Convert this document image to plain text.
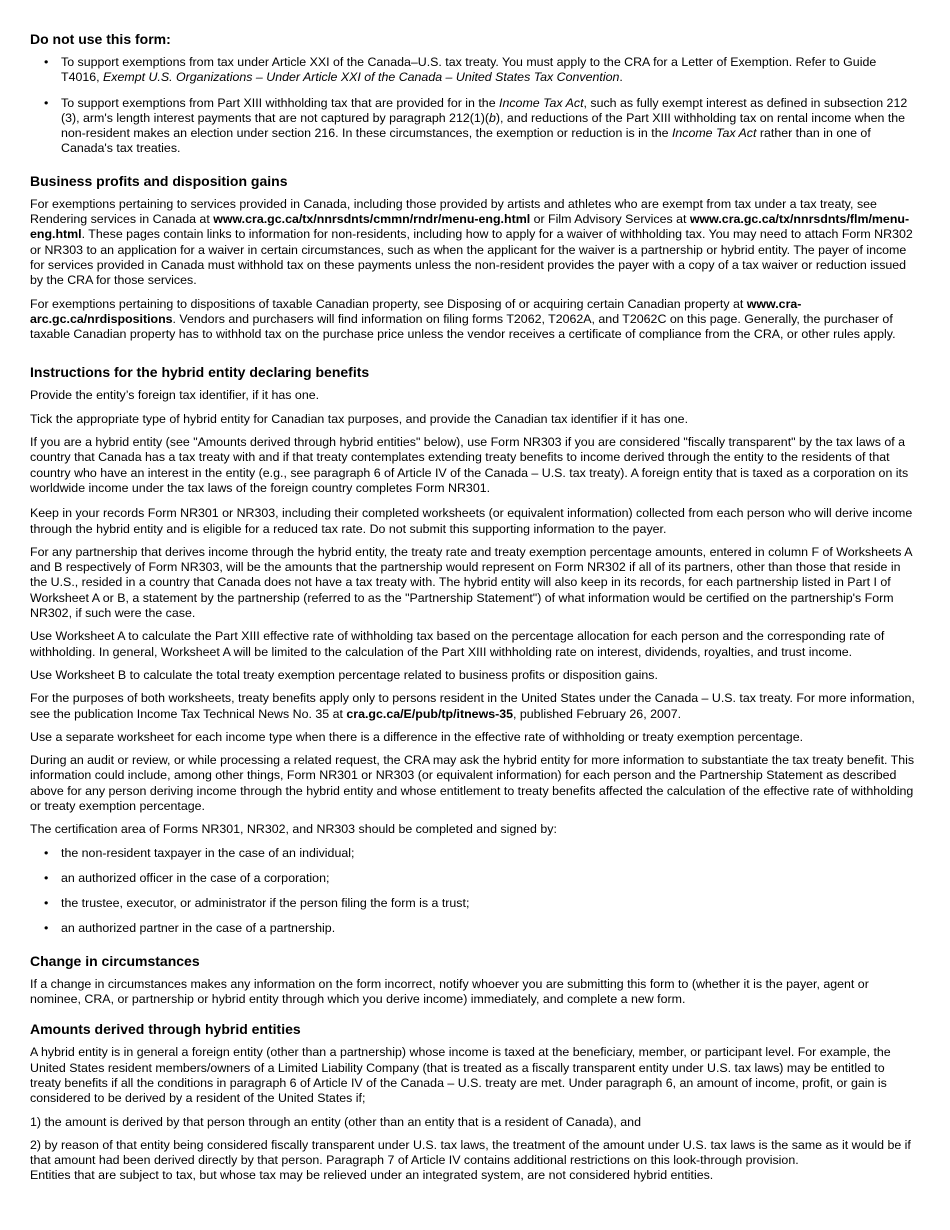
Do not use this form:
• To support exemptions from tax under Article XXI of the Canada–U.S. tax treaty. You must apply to the CRA for a Letter of Exemption. Refer to Guide T4016, Exempt U.S. Organizations – Under Article XXI of the Canada – United States Tax Convention.
• To support exemptions from Part XIII withholding tax that are provided for in the Income Tax Act, such as fully exempt interest as defined in subsection 212 (3), arm's length interest payments that are not captured by paragraph 212(1)(b), and reductions of the Part XIII withholding tax on rental income when the non-resident makes an election under section 216. In these circumstances, the exemption or reduction is in the Income Tax Act rather than in one of Canada's tax treaties.
Business profits and disposition gains

For exemptions pertaining to services provided in Canada, including those provided by artists and athletes who are exempt from tax under a tax treaty, see Rendering services in Canada at www.cra.gc.ca/tx/nnrsdnts/cmmn/rndr/menu-eng.html or Film Advisory Services at www.cra.gc.ca/tx/nnrsdnts/flm/menu-eng.html. These pages contain links to information for non-residents, including how to apply for a waiver of withholding tax. You may need to attach Form NR302 or NR303 to an application for a waiver in certain circumstances, such as when the applicant for the waiver is a partnership or hybrid entity. The payer of income for services provided in Canada must withhold tax on these payments unless the non-resident provides the payer with a copy of a tax waiver or reduction issued by the CRA for those services.

For exemptions pertaining to dispositions of taxable Canadian property, see Disposing of or acquiring certain Canadian property at www.cra-arc.gc.ca/nrdispositions. Vendors and purchasers will find information on filing forms T2062, T2062A, and T2062C on this page. Generally, the purchaser of taxable Canadian property has to withhold tax on the purchase price unless the vendor receives a certificate of compliance from the CRA, or other rules apply.

Instructions for the hybrid entity declaring benefits

Provide the entity’s foreign tax identifier, if it has one.

Tick the appropriate type of hybrid entity for Canadian tax purposes, and provide the Canadian tax identifier if it has one.

If you are a hybrid entity (see "Amounts derived through hybrid entities" below), use Form NR303 if you are considered "fiscally transparent" by the tax laws of a country that Canada has a tax treaty with and if that treaty contemplates extending treaty benefits to income derived through the entity to the residents of that country who have an interest in the entity (e.g., see paragraph 6 of Article IV of the Canada – U.S. tax treaty). A foreign entity that is taxed as a corporation on its worldwide income under the tax laws of the foreign country completes Form NR301.

Keep in your records Form NR301 or NR303, including their completed worksheets (or equivalent information) collected from each person who will derive income through the hybrid entity and is eligible for a reduced tax rate. Do not submit this supporting information to the payer.

For any partnership that derives income through the hybrid entity, the treaty rate and treaty exemption percentage amounts, entered in column F of Worksheets A and B respectively of Form NR303, will be the amounts that the partnership would represent on Form NR302 if all of its partners, other than those that reside in the U.S., resided in a country that Canada does not have a tax treaty with. The hybrid entity will also keep in its records, for each partnership listed in Part I of Worksheet A or B, a statement by the partnership (referred to as the "Partnership Statement") of what information would be certified on the partnership's Form NR302, if such were the case.

Use Worksheet A to calculate the Part XIII effective rate of withholding tax based on the percentage allocation for each person and the corresponding rate of withholding. In general, Worksheet A will be limited to the calculation of the Part XIII withholding rate on interest, dividends, royalties, and trust income.

Use Worksheet B to calculate the total treaty exemption percentage related to business profits or disposition gains.

For the purposes of both worksheets, treaty benefits apply only to persons resident in the United States under the Canada – U.S. tax treaty. For more information, see the publication Income Tax Technical News No. 35 at cra.gc.ca/E/pub/tp/itnews-35, published February 26, 2007.

Use a separate worksheet for each income type when there is a difference in the effective rate of withholding or treaty exemption percentage.

During an audit or review, or while processing a related request, the CRA may ask the hybrid entity for more information to substantiate the tax treaty benefit. This information could include, among other things, Form NR301 or NR303 (or equivalent information) for each person and the Partnership Statement as described above for any person deriving income through the hybrid entity and whose entitlement to treaty benefits affected the calculation of the effective rate of withholding or treaty exemption percentage.

The certification area of Forms NR301, NR302, and NR303 should be completed and signed by:

• the non-resident taxpayer in the case of an individual;
• an authorized officer in the case of a corporation;
• the trustee, executor, or administrator if the person filing the form is a trust;
• an authorized partner in the case of a partnership.
Change in circumstances

If a change in circumstances makes any information on the form incorrect, notify whoever you are submitting this form to (whether it is the payer, agent or nominee, CRA, or partnership or hybrid entity through which you derive income) immediately, and complete a new form.

Amounts derived through hybrid entities

A hybrid entity is in general a foreign entity (other than a partnership) whose income is taxed at the beneficiary, member, or participant level. For example, the United States resident members/owners of a Limited Liability Company (that is treated as a fiscally transparent entity under U.S. tax laws) may be entitled to treaty benefits if all the conditions in paragraph 6 of Article IV of the Canada – U.S. treaty are met. Under paragraph 6, an amount of income, profit, or gain is considered to be derived by a resident of the United States if;

1) the amount is derived by that person through an entity (other than an entity that is a resident of Canada), and

2) by reason of that entity being considered fiscally transparent under U.S. tax laws, the treatment of the amount under U.S. tax laws is the same as it would be if that amount had been derived directly by that person. Paragraph 7 of Article IV contains additional restrictions on this look-through provision.

Entities that are subject to tax, but whose tax may be relieved under an integrated system, are not considered hybrid entities.
